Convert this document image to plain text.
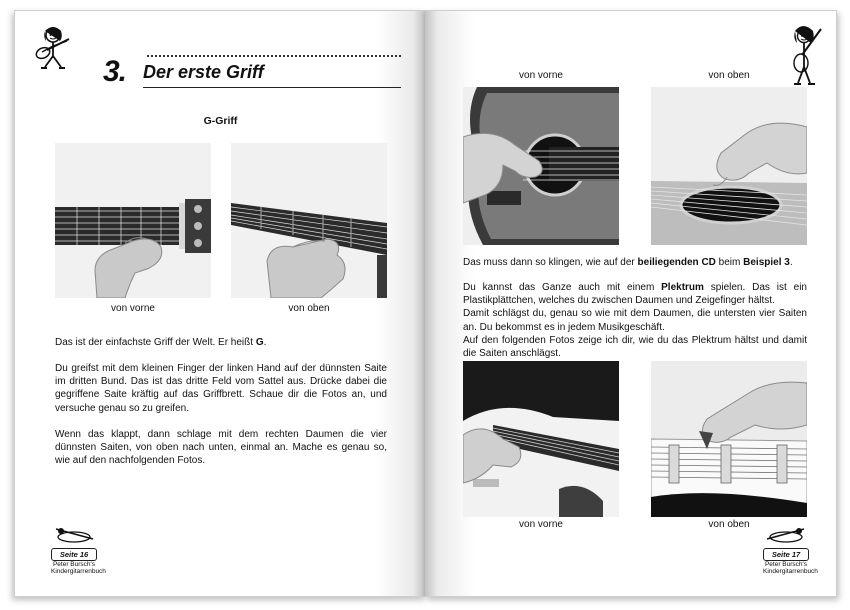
3. Der erste Griff
G-Griff
von vorne	von oben
Das ist der einfachste Griff der Welt. Er heißt G.
Du greifst mit dem kleinen Finger der linken Hand auf der dünnsten Saite im dritten Bund. Das ist das dritte Feld vom Sattel aus. Drücke dabei die gegriffene Saite kräftig auf das Griffbrett. Schaue dir die Fotos an, und versuche genau so zu greifen.
Wenn das klappt, dann schlage mit dem rechten Daumen die vier dünnsten Saiten, von oben nach unten, einmal an. Mache es genau so, wie auf den nachfolgenden Fotos.
Seite 16
Peter Bursch's
Kindergitarrenbuch
von vorne	von oben
Das muss dann so klingen, wie auf der beiliegenden CD beim Beispiel 3.
Du kannst das Ganze auch mit einem Plektrum spielen. Das ist ein Plastikplättchen, welches du zwischen Daumen und Zeigefinger hältst.
Damit schlägst du, genau so wie mit dem Daumen, die untersten vier Saiten an. Du bekommst es in jedem Musikgeschäft.
Auf den folgenden Fotos zeige ich dir, wie du das Plektrum hältst und damit die Saiten anschlägst.
von vorne	von oben
Seite 17
Peter Bursch's
Kindergitarrenbuch
